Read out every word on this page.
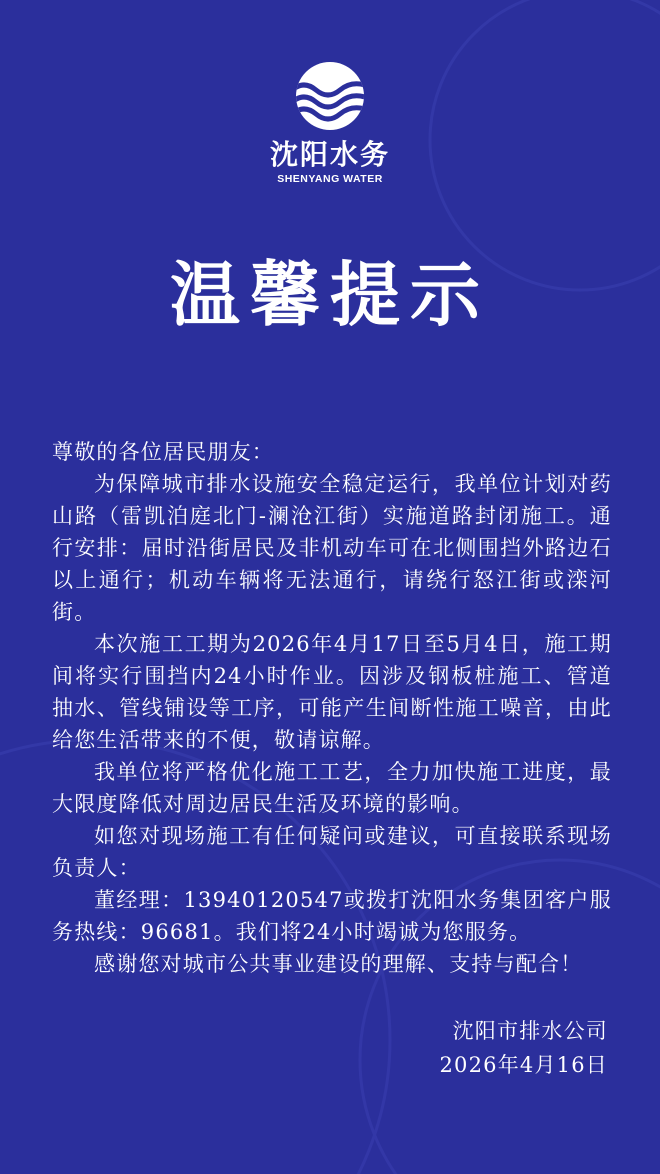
沈阳水务
SHENYANG WATER
温馨提示

尊敬的各位居民朋友：

为保障城市排水设施安全稳定运行，我单位计划对药山路（雷凯泊庭北门-澜沧江街）实施道路封闭施工。通行安排：届时沿街居民及非机动车可在北侧围挡外路边石以上通行；机动车辆将无法通行，请绕行怒江街或滦河街。

本次施工工期为2026年4月17日至5月4日，施工期间将实行围挡内24小时作业。因涉及钢板桩施工、管道抽水、管线铺设等工序，可能产生间断性施工噪音，由此给您生活带来的不便，敬请谅解。

我单位将严格优化施工工艺，全力加快施工进度，最大限度降低对周边居民生活及环境的影响。

如您对现场施工有任何疑问或建议，可直接联系现场负责人：

董经理：13940120547或拨打沈阳水务集团客户服务热线：96681。我们将24小时竭诚为您服务。

感谢您对城市公共事业建设的理解、支持与配合！

沈阳市排水公司
2026年4月16日
